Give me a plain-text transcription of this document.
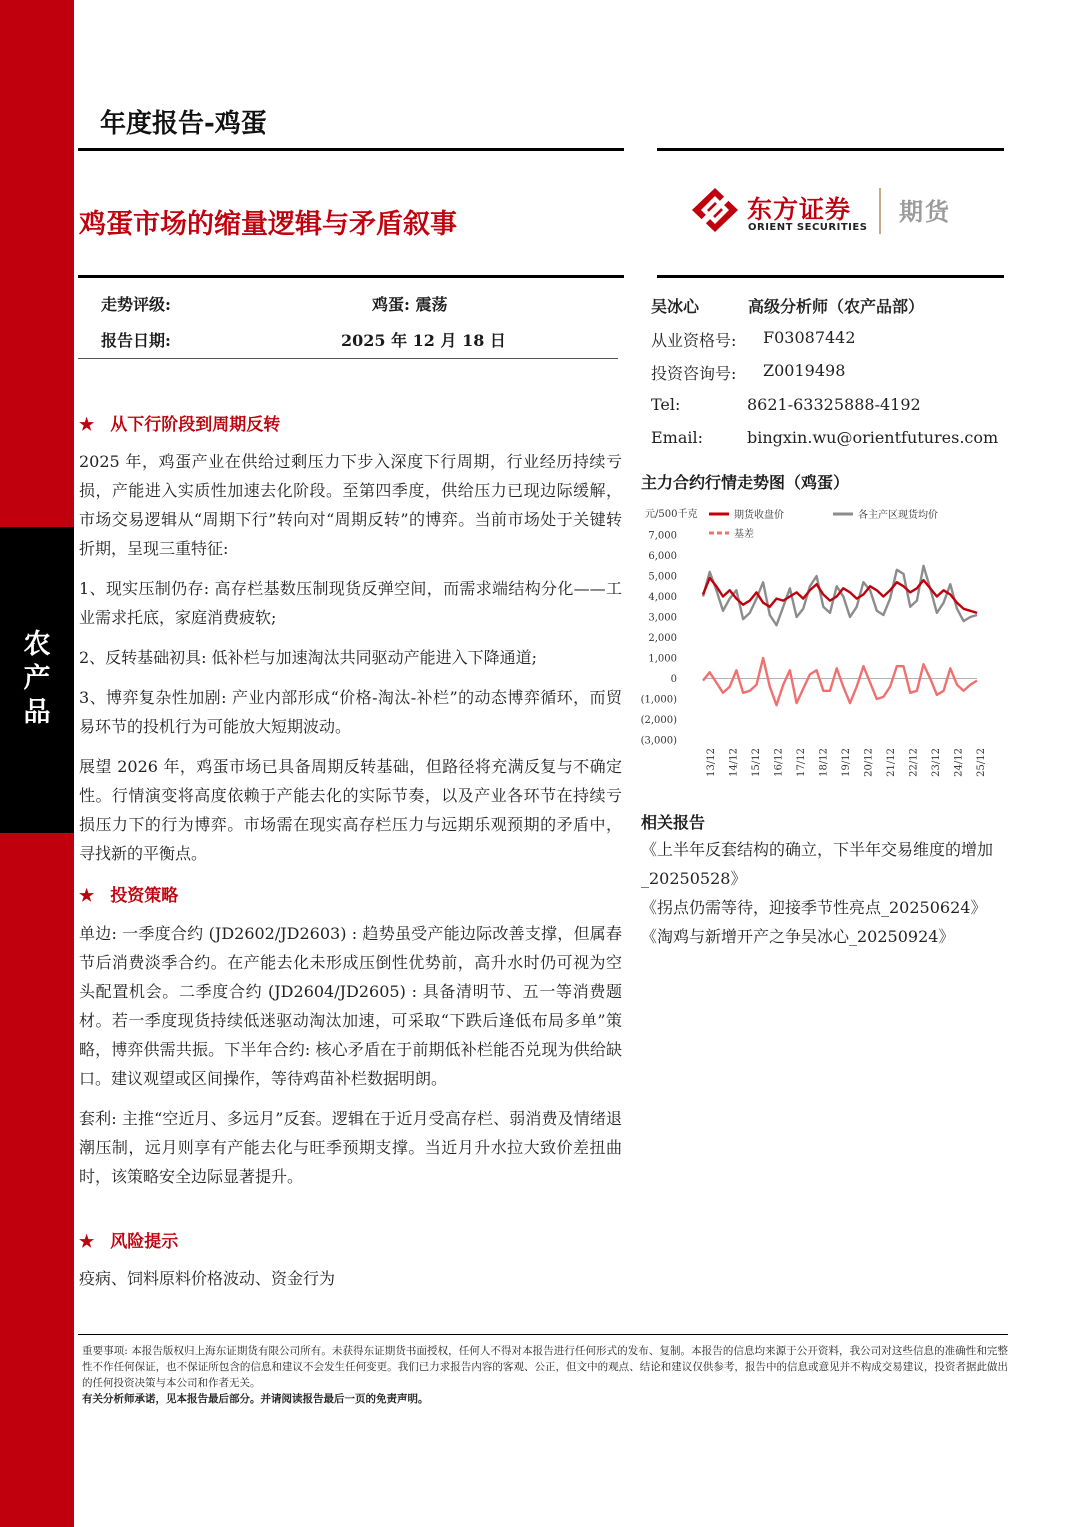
农
产
品
年度报告-鸡蛋
鸡蛋市场的缩量逻辑与矛盾叙事	东方证券
ORIENT SECURITIES
期货
走势评级:	鸡蛋: 震荡
报告日期:	2025 年 12 月 18 日
吴冰心	高级分析师（农产品部）
从业资格号: F03087442
投资咨询号: Z0019498
Tel:	8621-63325888-4192
Email:	bingxin.wu@orientfutures.com
★ 从下行阶段到周期反转

2025 年，鸡蛋产业在供给过剩压力下步入深度下行周期，行业经历持续亏损，产能进入实质性加速去化阶段。至第四季度，供给压力已现边际缓解，市场交易逻辑从“周期下行”转向对“周期反转”的博弈。当前市场处于关键转折期，呈现三重特征:

1、现实压制仍存: 高存栏基数压制现货反弹空间，而需求端结构分化——工业需求托底，家庭消费疲软;

2、反转基础初具: 低补栏与加速淘汰共同驱动产能进入下降通道;

3、博弈复杂性加剧: 产业内部形成“价格-淘汰-补栏”的动态博弈循环，而贸易环节的投机行为可能放大短期波动。

展望 2026 年，鸡蛋市场已具备周期反转基础，但路径将充满反复与不确定性。行情演变将高度依赖于产能去化的实际节奏，以及产业各环节在持续亏损压力下的行为博弈。市场需在现实高存栏压力与远期乐观预期的矛盾中，寻找新的平衡点。

★ 投资策略

单边: 一季度合约 (JD2602/JD2603) : 趋势虽受产能边际改善支撑，但属春节后消费淡季合约。在产能去化未形成压倒性优势前，高升水时仍可视为空头配置机会。二季度合约 (JD2604/JD2605) : 具备清明节、五一等消费题材。若一季度现货持续低迷驱动淘汰加速，可采取“下跌后逢低布局多单”策略，博弈供需共振。下半年合约: 核心矛盾在于前期低补栏能否兑现为供给缺口。建议观望或区间操作，等待鸡苗补栏数据明朗。

套利: 主推“空近月、多远月”反套。逻辑在于近月受高存栏、弱消费及情绪退潮压制，远月则享有产能去化与旺季预期支撑。当近月升水拉大致价差扭曲时，该策略安全边际显著提升。

★ 风险提示

疫病、饲料原料价格波动、资金行为

主力合约行情走势图（鸡蛋）
元/500千克	期货收盘价	各主产区现货均价
基差
7,000
6,000
5,000
4,000
3,000
2,000
1,000
0
(1,000)
(2,000)
(3,000)
13/12 14/12 15/12 16/12 17/12 18/12 19/12 20/12 21/12 22/12 23/12 24/12 25/12
相关报告

《上半年反套结构的确立，下半年交易维度的增加_20250528》

《拐点仍需等待，迎接季节性亮点_20250624》

《淘鸡与新增开产之争吴冰心_20250924》

重要事项: 本报告版权归上海东证期货有限公司所有。未获得东证期货书面授权，任何人不得对本报告进行任何形式的发布、复制。本报告的信息均来源于公开资料，我公司对这些信息的准确性和完整性不作任何保证，也不保证所包含的信息和建议不会发生任何变更。我们已力求报告内容的客观、公正，但文中的观点、结论和建议仅供参考，报告中的信息或意见并不构成交易建议，投资者据此做出的任何投资决策与本公司和作者无关。

有关分析师承诺，见本报告最后部分。并请阅读报告最后一页的免责声明。
